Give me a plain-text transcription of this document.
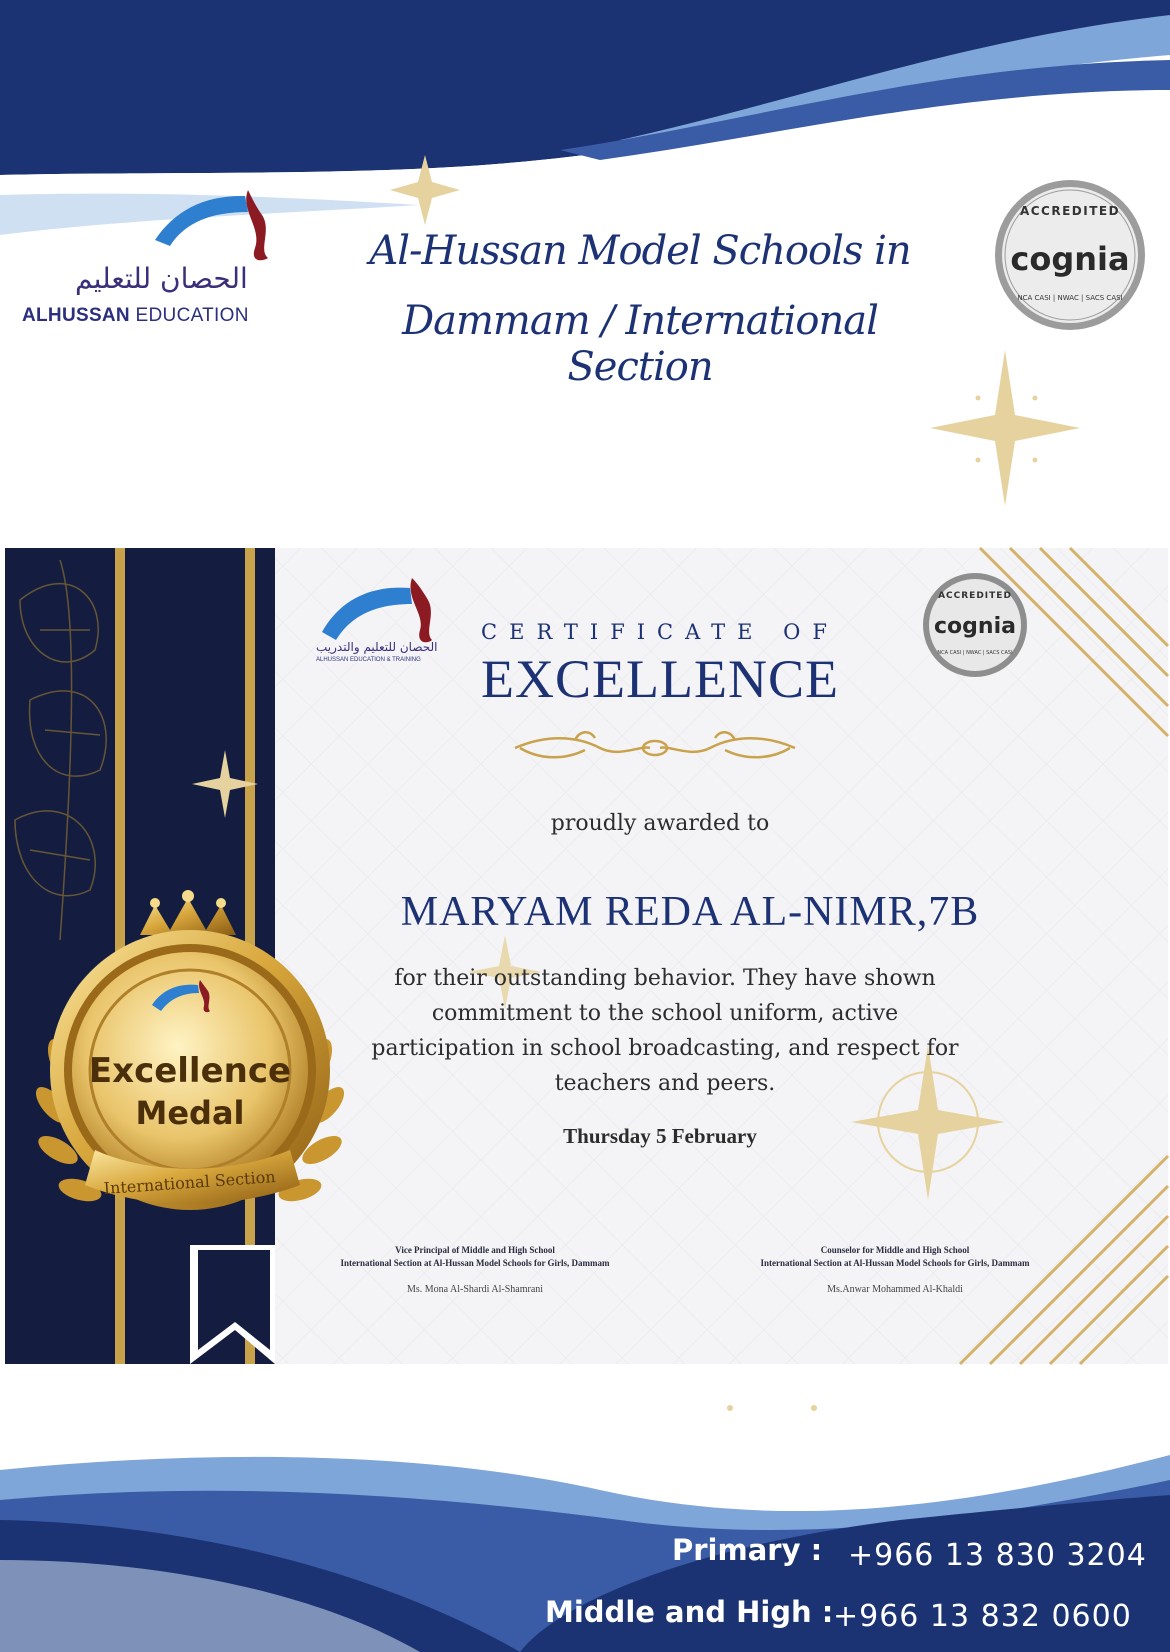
Excellence
Medal
International Section
ACCREDITED
cognia
NCA CASI | NWAC | SACS CASI
ACCREDITED
cognia
NCA CASI | NWAC | SACS CASI
الحصان للتعليم
ALHUSSAN EDUCATION
Al-Hussan Model Schools in
Dammam / International Section
الحصان للتعليم والتدريب
ALHUSSAN EDUCATION & TRAINING
CERTIFICATE OF
EXCELLENCE
proudly awarded to
MARYAM REDA AL-NIMR,7B
for their outstanding behavior. They have shown
commitment to the school uniform, active
participation in school broadcasting, and respect for
teachers and peers.
Thursday 5 February
Vice Principal of Middle and High School
International Section at Al-Hussan Model Schools for Girls, Dammam
Ms. Mona Al-Shardi Al-Shamrani
Counselor for Middle and High School
International Section at Al-Hussan Model Schools for Girls, Dammam
Ms.Anwar Mohammed Al-Khaldi
Primary : +966 13 830 3204
Middle and High : +966 13 832 0600
